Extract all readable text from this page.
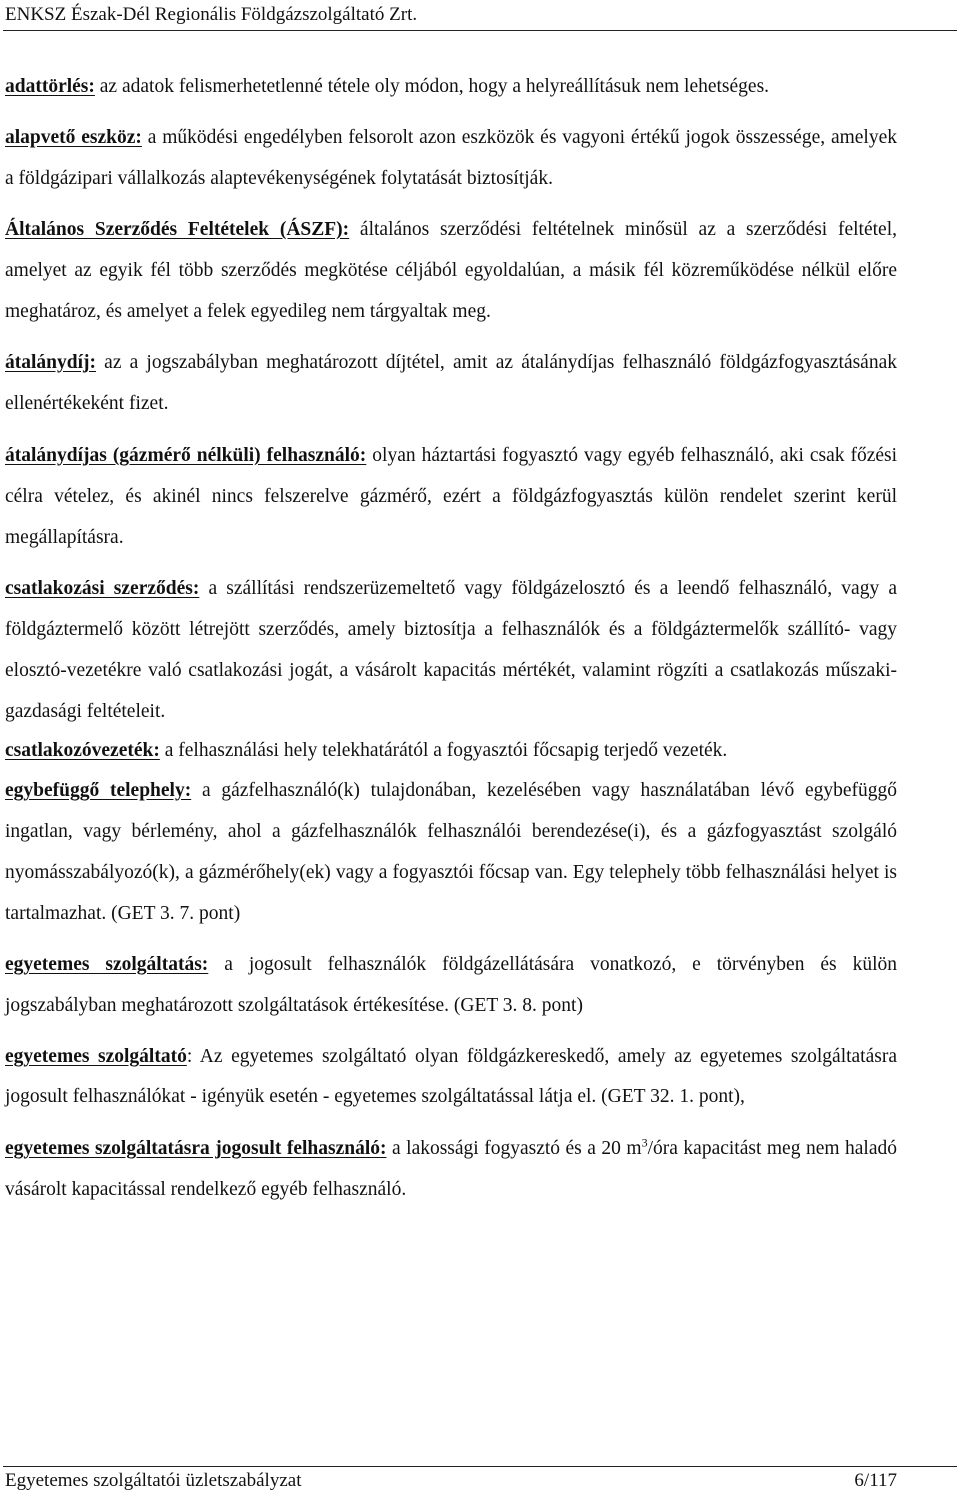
ENKSZ Észak-Dél Regionális Földgázszolgáltató Zrt.

adattörlés: az adatok felismerhetetlenné tétele oly módon, hogy a helyreállításuk nem lehetséges.

alapvető eszköz: a működési engedélyben felsorolt azon eszközök és vagyoni értékű jogok összessége, amelyek a földgázipari vállalkozás alaptevékenységének folytatását biztosítják.

Általános Szerződés Feltételek (ÁSZF): általános szerződési feltételnek minősül az a szerződési feltétel, amelyet az egyik fél több szerződés megkötése céljából egyoldalúan, a másik fél közreműködése nélkül előre meghatároz, és amelyet a felek egyedileg nem tárgyaltak meg.

átalánydíj: az a jogszabályban meghatározott díjtétel, amit az átalánydíjas felhasználó földgázfogyasztásának ellenértékeként fizet.

átalánydíjas (gázmérő nélküli) felhasználó: olyan háztartási fogyasztó vagy egyéb felhasználó, aki csak főzési célra vételez, és akinél nincs felszerelve gázmérő, ezért a földgázfogyasztás külön rendelet szerint kerül megállapításra.

csatlakozási szerződés: a szállítási rendszerüzemeltető vagy földgázelosztó és a leendő felhasználó, vagy a földgáztermelő között létrejött szerződés, amely biztosítja a felhasználók és a földgáztermelők szállító- vagy elosztó-vezetékre való csatlakozási jogát, a vásárolt kapacitás mértékét, valamint rögzíti a csatlakozás műszaki-gazdasági feltételeit.

csatlakozóvezeték: a felhasználási hely telekhatárától a fogyasztói főcsapig terjedő vezeték.

egybefüggő telephely: a gázfelhasználó(k) tulajdonában, kezelésében vagy használatában lévő egybefüggő ingatlan, vagy bérlemény, ahol a gázfelhasználók felhasználói berendezése(i), és a gázfogyasztást szolgáló nyomásszabályozó(k), a gázmérőhely(ek) vagy a fogyasztói főcsap van. Egy telephely több felhasználási helyet is tartalmazhat. (GET 3. 7. pont)

egyetemes szolgáltatás: a jogosult felhasználók földgázellátására vonatkozó, e törvényben és külön jogszabályban meghatározott szolgáltatások értékesítése. (GET 3. 8. pont)

egyetemes szolgáltató: Az egyetemes szolgáltató olyan földgázkereskedő, amely az egyetemes szolgáltatásra jogosult felhasználókat - igényük esetén - egyetemes szolgáltatással látja el. (GET 32. 1. pont),

egyetemes szolgáltatásra jogosult felhasználó: a lakossági fogyasztó és a 20 $m^3$/óra kapacitást meg nem haladó vásárolt kapacitással rendelkező egyéb felhasználó.

Egyetemes szolgáltatói üzletszabályzat	6/117
